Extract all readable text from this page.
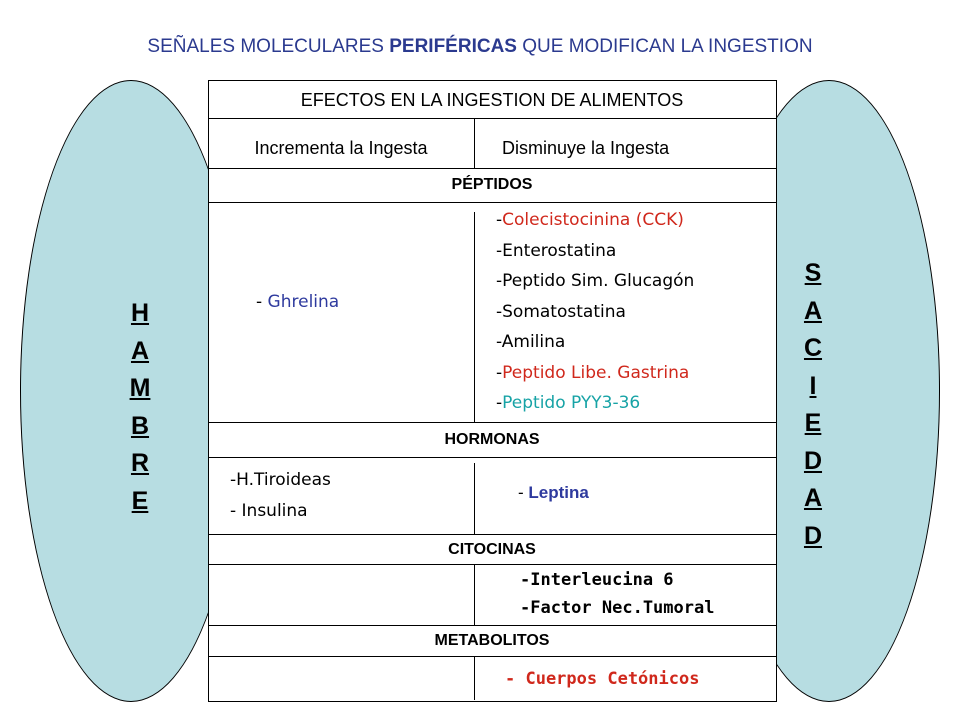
SEÑALES MOLECULARES PERIFÉRICAS QUE MODIFICAN LA INGESTION
H
A
M
B
R
E
S
A
C
I
E
D
A
D
EFECTOS EN LA INGESTION DE ALIMENTOS
Incrementa la Ingesta	Disminuye la Ingesta
PÉPTIDOS
HORMONAS
CITOCINAS
METABOLITOS
- Ghrelina
-Colecistocinina (CCK)
-Enterostatina
-Peptido Sim. Glucagón
-Somatostatina
-Amilina
-Peptido Libe. Gastrina
-Peptido PYY3-36
-H.Tiroideas
- Insulina
- Leptina
-Interleucina 6
-Factor Nec.Tumoral
- Cuerpos Cetónicos
